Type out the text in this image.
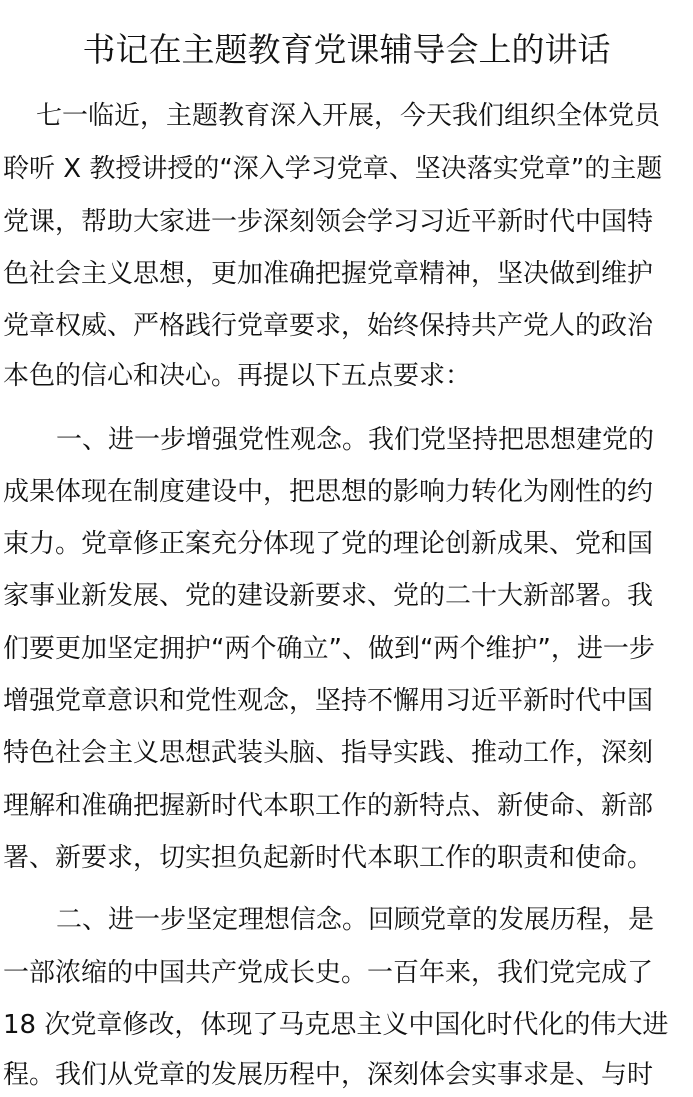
书记在主题教育党课辅导会上的讲话
七一临近，主题教育深入开展，今天我们组织全体党员
聆听 X 教授讲授的“深入学习党章、坚决落实党章”的主题
党课，帮助大家进一步深刻领会学习习近平新时代中国特
色社会主义思想，更加准确把握党章精神，坚决做到维护
党章权威、严格践行党章要求，始终保持共产党人的政治
本色的信心和决心。再提以下五点要求：
一、进一步增强党性观念。我们党坚持把思想建党的
成果体现在制度建设中，把思想的影响力转化为刚性的约
束力。党章修正案充分体现了党的理论创新成果、党和国
家事业新发展、党的建设新要求、党的二十大新部署。我
们要更加坚定拥护“两个确立”、做到“两个维护”，进一步
增强党章意识和党性观念，坚持不懈用习近平新时代中国
特色社会主义思想武装头脑、指导实践、推动工作，深刻
理解和准确把握新时代本职工作的新特点、新使命、新部
署、新要求，切实担负起新时代本职工作的职责和使命。
二、进一步坚定理想信念。回顾党章的发展历程，是
一部浓缩的中国共产党成长史。一百年来，我们党完成了
18 次党章修改，体现了马克思主义中国化时代化的伟大进
程。我们从党章的发展历程中，深刻体会实事求是、与时
